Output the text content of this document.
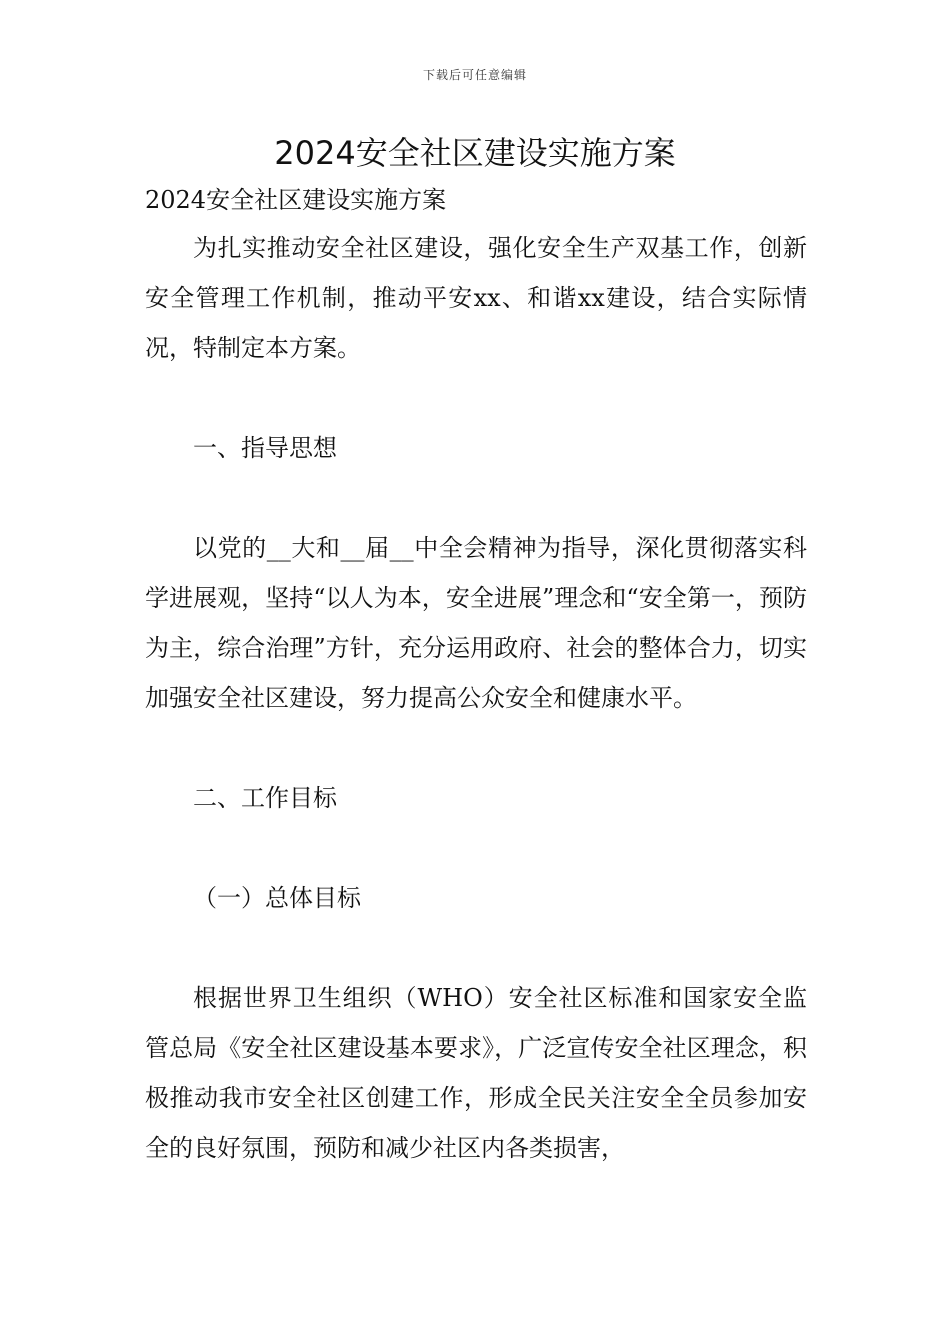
下载后可任意编辑
2024安全社区建设实施方案

2024安全社区建设实施方案

为扎实推动安全社区建设，强化安全生产双基工作，创新安全管理工作机制，推动平安xx、和谐xx建设，结合实际情况，特制定本方案。

一、指导思想

以党的__大和__届__中全会精神为指导，深化贯彻落实科学进展观，坚持“以人为本，安全进展”理念和“安全第一，预防为主，综合治理”方针，充分运用政府、社会的整体合力，切实加强安全社区建设，努力提高公众安全和健康水平。

二、工作目标

（一）总体目标

根据世界卫生组织（WHO）安全社区标准和国家安全监管总局《安全社区建设基本要求》，广泛宣传安全社区理念，积极推动我市安全社区创建工作，形成全民关注安全全员参加安全的良好氛围，预防和减少社区内各类损害，
